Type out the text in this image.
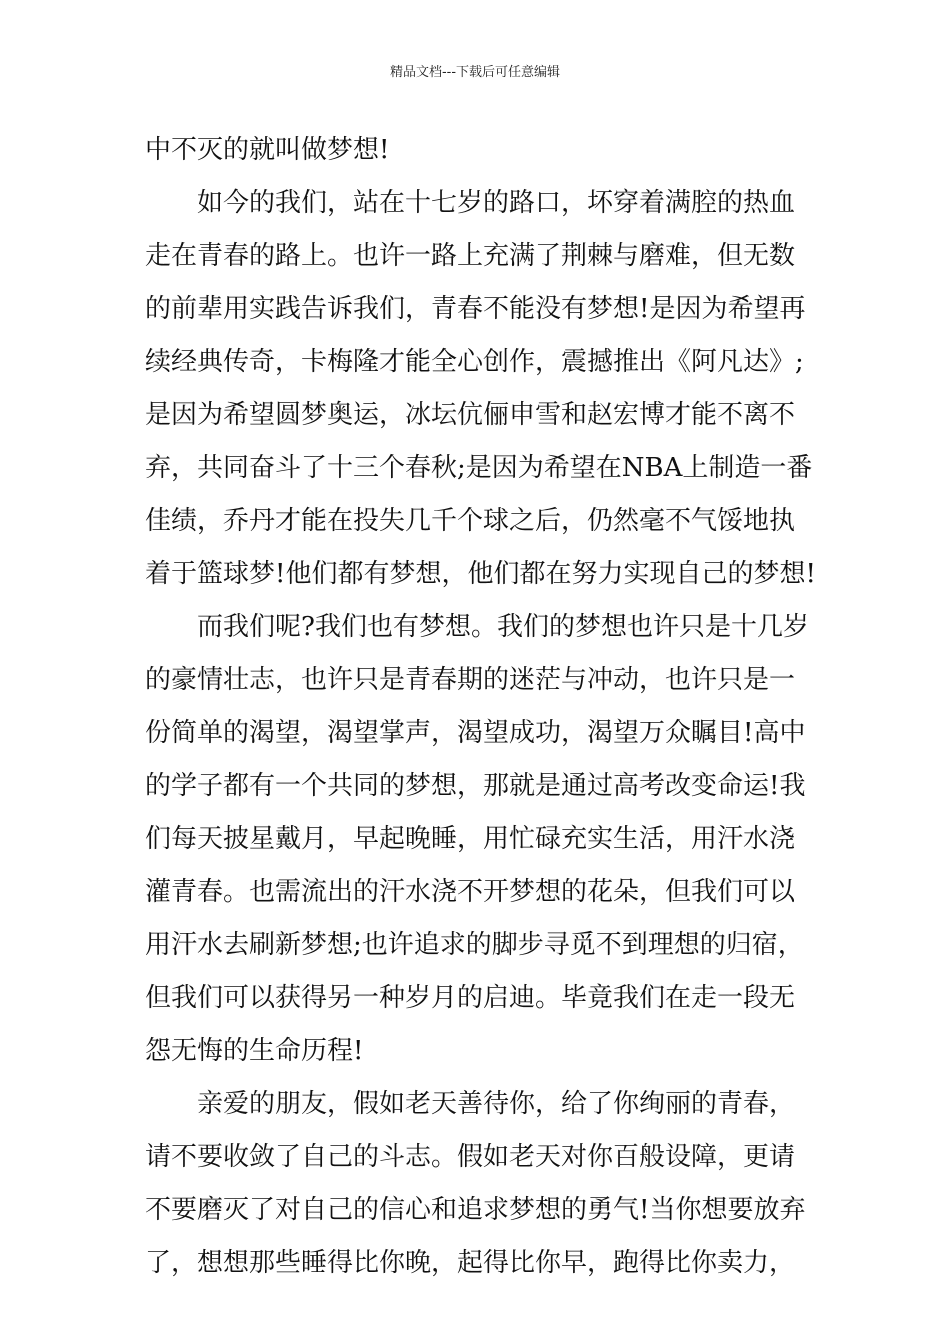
精品文档---下载后可任意编辑
中不灭的就叫做梦想!
如今的我们，站在十七岁的路口，坏穿着满腔的热血
走在青春的路上。也许一路上充满了荆棘与磨难，但无数
的前辈用实践告诉我们，青春不能没有梦想!是因为希望再
续经典传奇，卡梅隆才能全心创作，震撼推出《阿凡达》;
是因为希望圆梦奥运，冰坛伉俪申雪和赵宏博才能不离不
弃，共同奋斗了十三个春秋;是因为希望在NBA上制造一番
佳绩，乔丹才能在投失几千个球之后，仍然毫不气馁地执
着于篮球梦!他们都有梦想，他们都在努力实现自己的梦想!
而我们呢?我们也有梦想。我们的梦想也许只是十几岁
的豪情壮志，也许只是青春期的迷茫与冲动，也许只是一
份简单的渴望，渴望掌声，渴望成功，渴望万众瞩目!高中
的学子都有一个共同的梦想，那就是通过高考改变命运!我
们每天披星戴月，早起晚睡，用忙碌充实生活，用汗水浇
灌青春。也需流出的汗水浇不开梦想的花朵，但我们可以
用汗水去刷新梦想;也许追求的脚步寻觅不到理想的归宿，
但我们可以获得另一种岁月的启迪。毕竟我们在走一段无
怨无悔的生命历程!
亲爱的朋友，假如老天善待你，给了你绚丽的青春，
请不要收敛了自己的斗志。假如老天对你百般设障，更请
不要磨灭了对自己的信心和追求梦想的勇气!当你想要放弃
了，想想那些睡得比你晚，起得比你早，跑得比你卖力，
